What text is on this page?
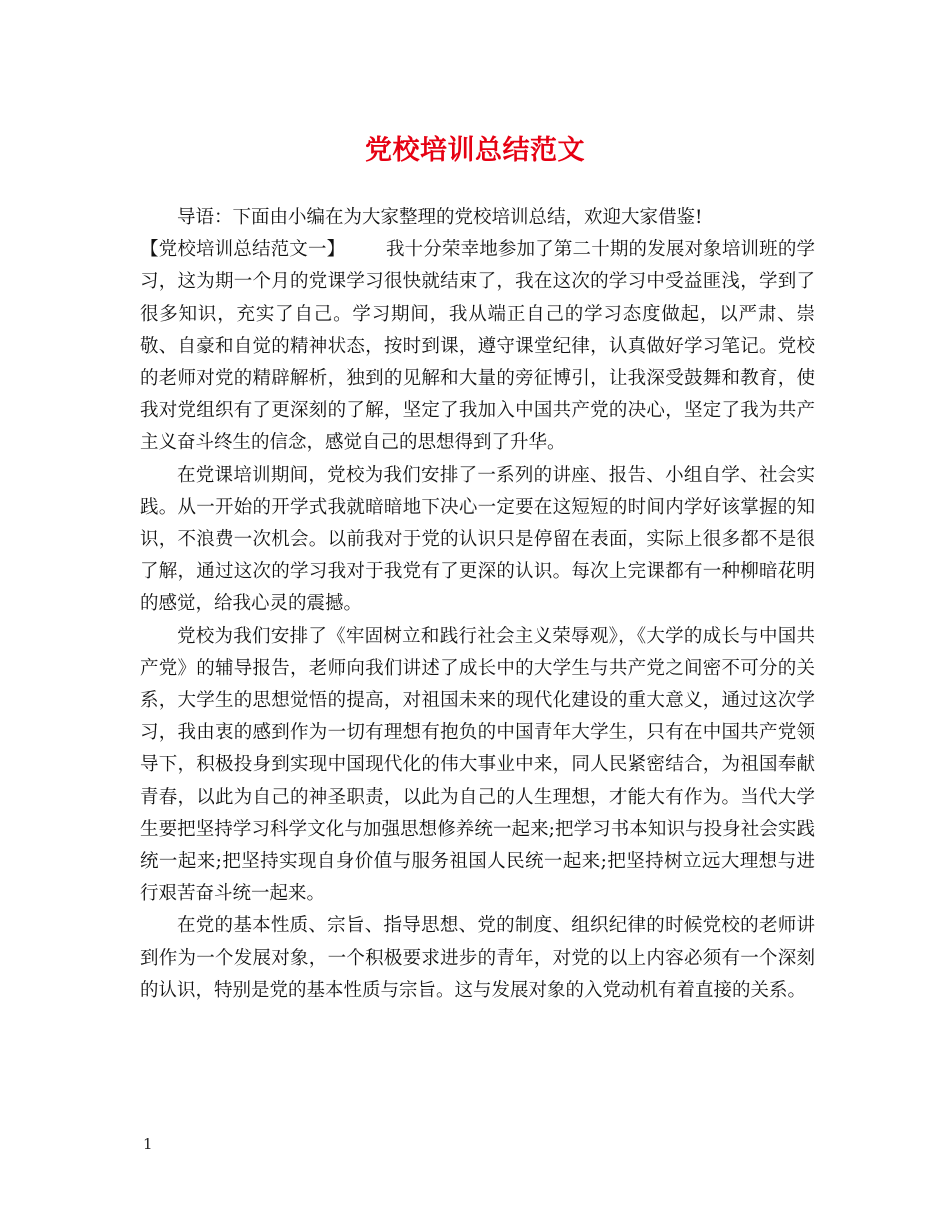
党校培训总结范文

导语：下面由小编在为大家整理的党校培训总结，欢迎大家借鉴!

【党校培训总结范文一】 我十分荣幸地参加了第二十期的发展对象培训班的学习，这为期一个月的党课学习很快就结束了，我在这次的学习中受益匪浅，学到了很多知识，充实了自己。学习期间，我从端正自己的学习态度做起，以严肃、崇敬、自豪和自觉的精神状态，按时到课，遵守课堂纪律，认真做好学习笔记。党校的老师对党的精辟解析，独到的见解和大量的旁征博引，让我深受鼓舞和教育，使我对党组织有了更深刻的了解，坚定了我加入中国共产党的决心，坚定了我为共产主义奋斗终生的信念，感觉自己的思想得到了升华。

在党课培训期间，党校为我们安排了一系列的讲座、报告、小组自学、社会实践。从一开始的开学式我就暗暗地下决心一定要在这短短的时间内学好该掌握的知识，不浪费一次机会。以前我对于党的认识只是停留在表面，实际上很多都不是很了解，通过这次的学习我对于我党有了更深的认识。每次上完课都有一种柳暗花明的感觉，给我心灵的震撼。

党校为我们安排了《牢固树立和践行社会主义荣辱观》，《大学的成长与中国共产党》的辅导报告，老师向我们讲述了成长中的大学生与共产党之间密不可分的关系，大学生的思想觉悟的提高，对祖国未来的现代化建设的重大意义，通过这次学习，我由衷的感到作为一切有理想有抱负的中国青年大学生，只有在中国共产党领导下，积极投身到实现中国现代化的伟大事业中来，同人民紧密结合，为祖国奉献青春，以此为自己的神圣职责，以此为自己的人生理想，才能大有作为。当代大学生要把坚持学习科学文化与加强思想修养统一起来;把学习书本知识与投身社会实践统一起来;把坚持实现自身价值与服务祖国人民统一起来;把坚持树立远大理想与进行艰苦奋斗统一起来。

在党的基本性质、宗旨、指导思想、党的制度、组织纪律的时候党校的老师讲到作为一个发展对象，一个积极要求进步的青年，对党的以上内容必须有一个深刻的认识，特别是党的基本性质与宗旨。这与发展对象的入党动机有着直接的关系。

1
